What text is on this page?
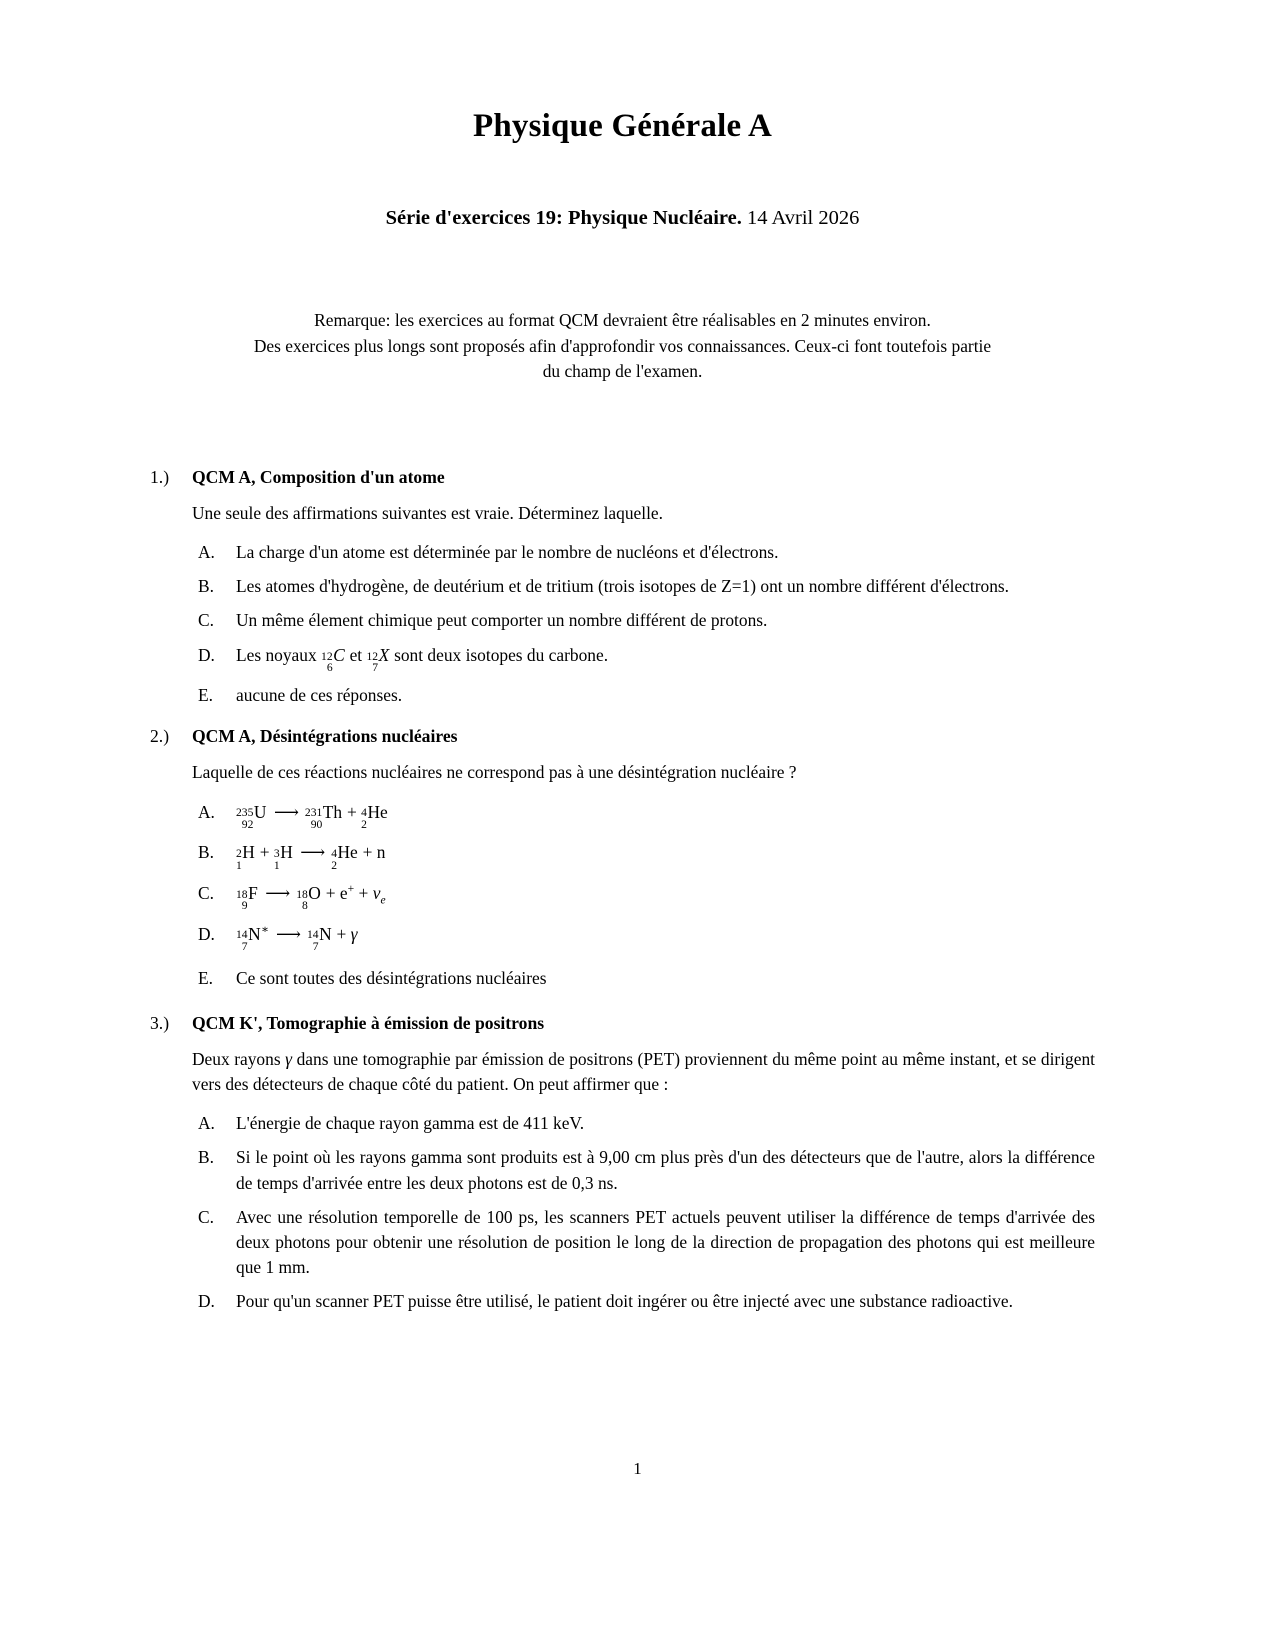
Physique Générale A
Série d'exercices 19: Physique Nucléaire. 14 Avril 2026
Remarque: les exercices au format QCM devraient être réalisables en 2 minutes environ.
Des exercices plus longs sont proposés afin d'approfondir vos connaissances. Ceux-ci font toutefois partie
du champ de l'examen.
1.) QCM A, Composition d'un atome
Une seule des affirmations suivantes est vraie. Déterminez laquelle.
A.	La charge d'un atome est déterminée par le nombre de nucléons et d'électrons.
B.	Les atomes d'hydrogène, de deutérium et de tritium (trois isotopes de Z=1) ont un nombre différent d'électrons.
C.	Un même élement chimique peut comporter un nombre différent de protons.
D.	Les noyaux 12
6
C et 12
7
X sont deux isotopes du carbone.
E.	aucune de ces réponses.
2.) QCM A, Désintégrations nucléaires
Laquelle de ces réactions nucléaires ne correspond pas à une désintégration nucléaire ?
A.	235
92
U ⟶ 231
90
Th + 4
2
He
B.	2
1
H + 3
1
H ⟶ 4
2
He + n
C.	18
9
F ⟶ 18
8
$O + e^+ + \nu_e$
D.	14
7
N∗ ⟶ 14
7
N + γ
E.	Ce sont toutes des désintégrations nucléaires
3.) QCM K', Tomographie à émission de positrons
Deux rayons γ dans une tomographie par émission de positrons (PET) proviennent du même point au même instant, et se dirigent vers des détecteurs de chaque côté du patient. On peut affirmer que :
A.	L'énergie de chaque rayon gamma est de 411 keV.
B.	Si le point où les rayons gamma sont produits est à 9,00 cm plus près d'un des détecteurs que de l'autre, alors la différence de temps d'arrivée entre les deux photons est de 0,3 ns.
C.	Avec une résolution temporelle de 100 ps, les scanners PET actuels peuvent utiliser la différence de temps d'arrivée des deux photons pour obtenir une résolution de position le long de la direction de propagation des photons qui est meilleure que 1 mm.
D.	Pour qu'un scanner PET puisse être utilisé, le patient doit ingérer ou être injecté avec une substance radioactive.
1
